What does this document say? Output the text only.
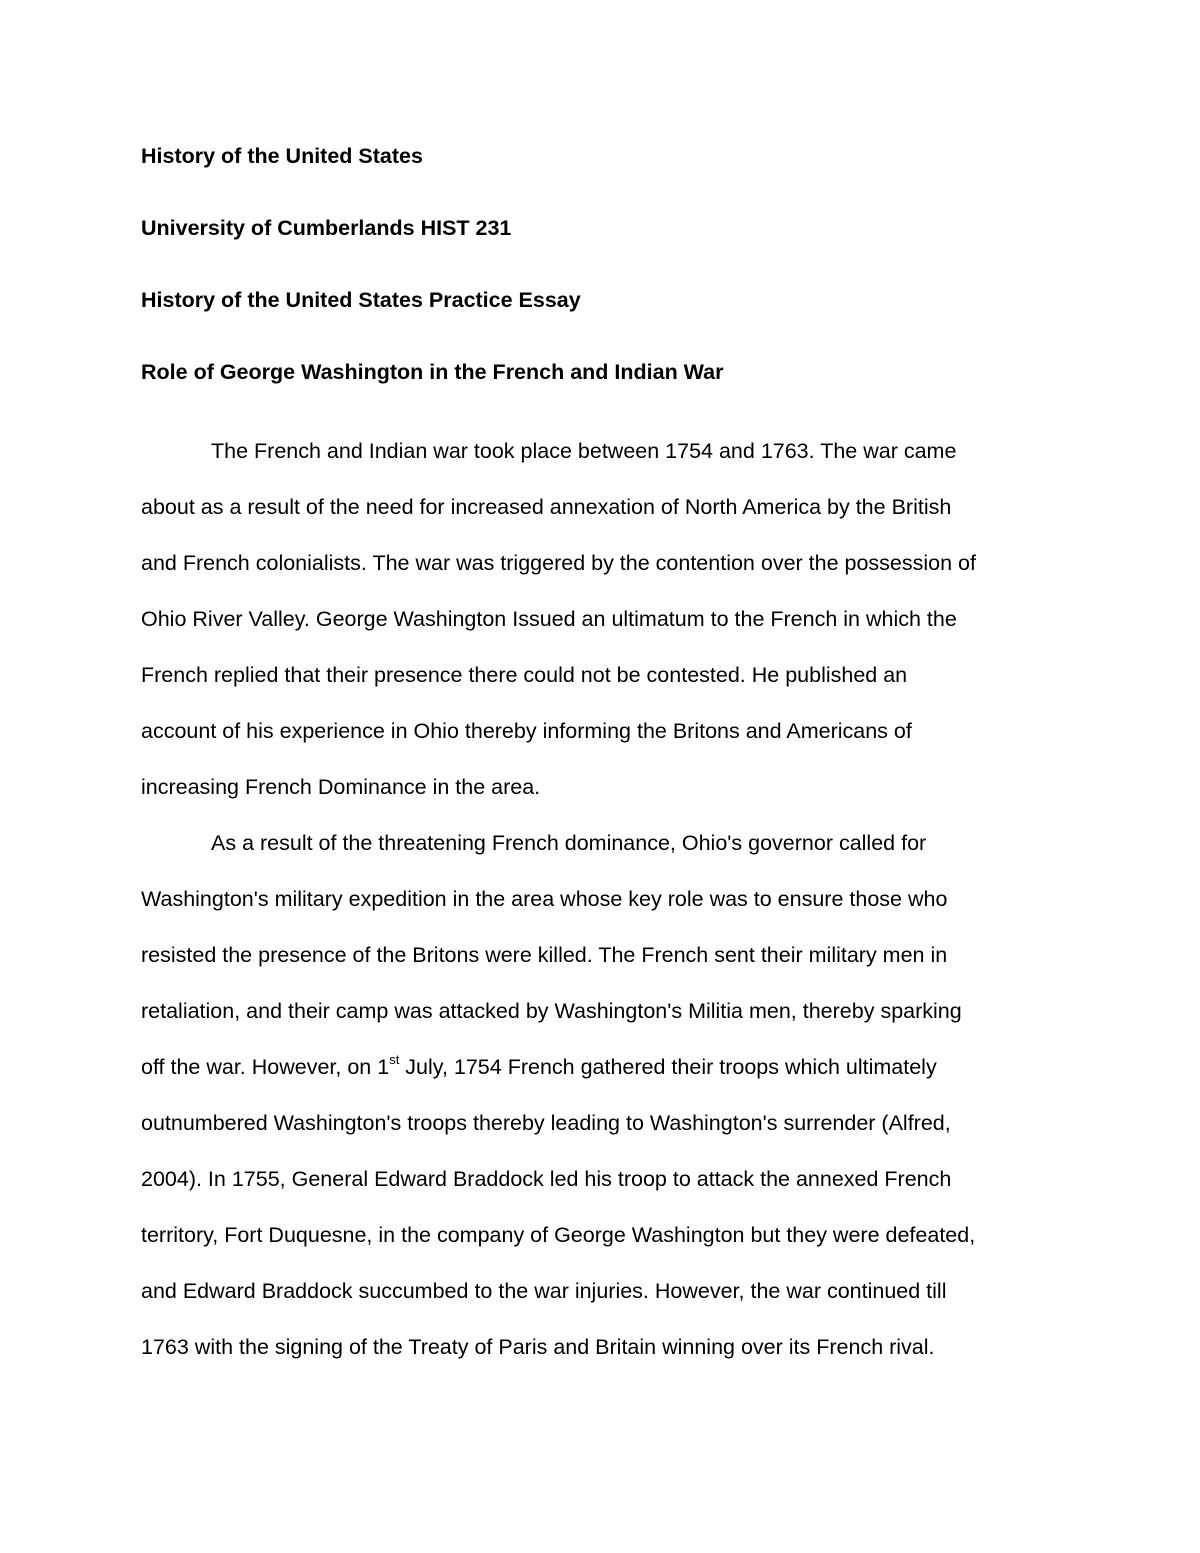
History of the United States
University of Cumberlands HIST 231
History of the United States Practice Essay
Role of George Washington in the French and Indian War

The French and Indian war took place between 1754 and 1763. The war came
about as a result of the need for increased annexation of North America by the British
and French colonialists. The war was triggered by the contention over the possession of
Ohio River Valley. George Washington Issued an ultimatum to the French in which the
French replied that their presence there could not be contested. He published an
account of his experience in Ohio thereby informing the Britons and Americans of
increasing French Dominance in the area.

As a result of the threatening French dominance, Ohio's governor called for
Washington's military expedition in the area whose key role was to ensure those who
resisted the presence of the Britons were killed. The French sent their military men in
retaliation, and their camp was attacked by Washington's Militia men, thereby sparking
off the war. However, on 1st July, 1754 French gathered their troops which ultimately
outnumbered Washington's troops thereby leading to Washington's surrender (Alfred,
2004). In 1755, General Edward Braddock led his troop to attack the annexed French
territory, Fort Duquesne, in the company of George Washington but they were defeated,
and Edward Braddock succumbed to the war injuries. However, the war continued till
1763 with the signing of the Treaty of Paris and Britain winning over its French rival.
